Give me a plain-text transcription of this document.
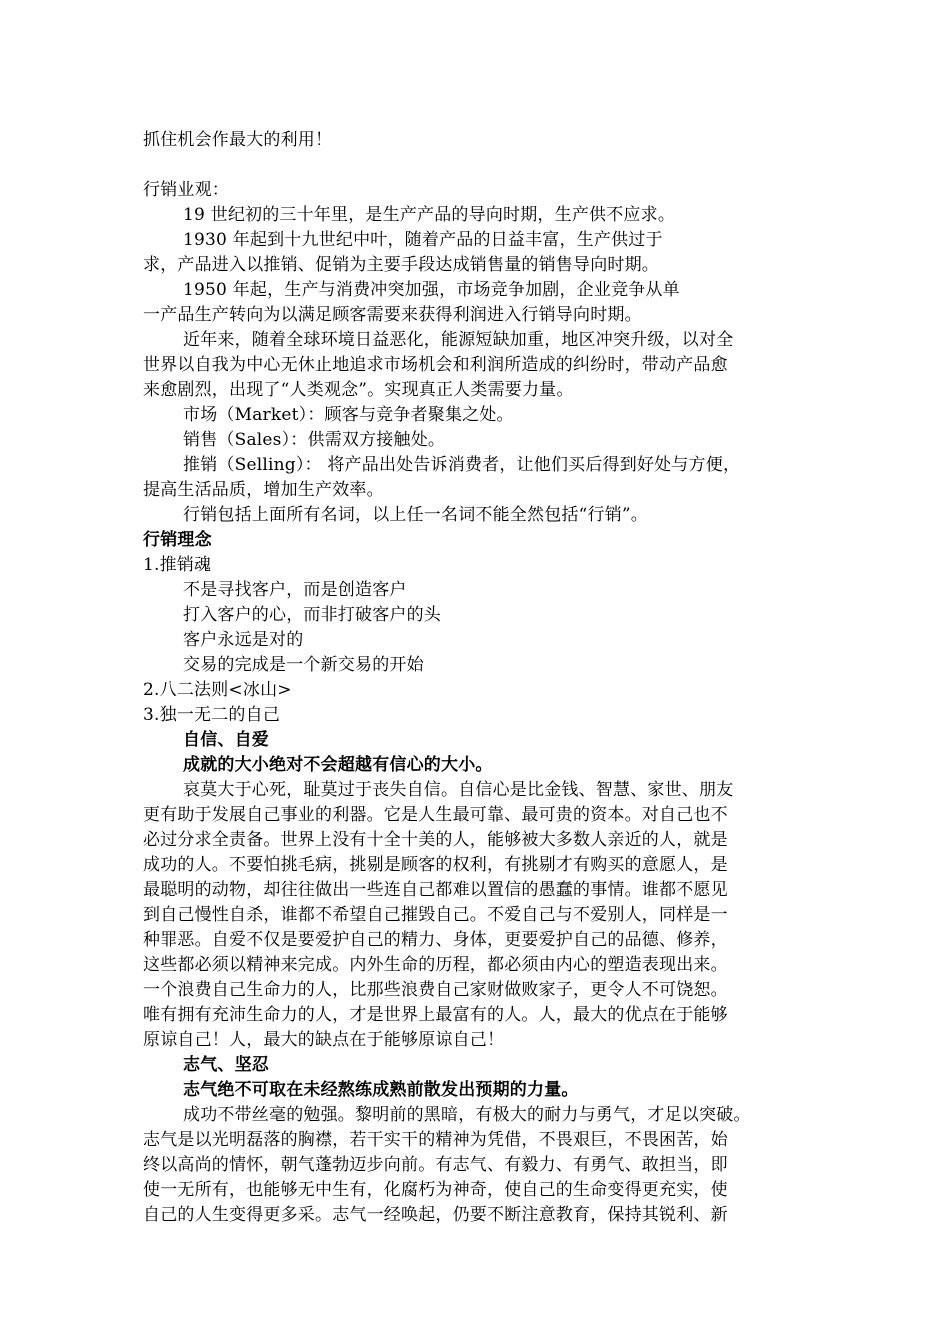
抓住机会作最大的利用！
行销业观：
19 世纪初的三十年里，是生产产品的导向时期，生产供不应求。
1930 年起到十九世纪中叶，随着产品的日益丰富，生产供过于
求，产品进入以推销、促销为主要手段达成销售量的销售导向时期。
1950 年起，生产与消费冲突加强，市场竞争加剧，企业竞争从单
一产品生产转向为以满足顾客需要来获得利润进入行销导向时期。
近年来，随着全球环境日益恶化，能源短缺加重，地区冲突升级，以对全
世界以自我为中心无休止地追求市场机会和利润所造成的纠纷时，带动产品愈
来愈剧烈，出现了“人类观念”。实现真正人类需要力量。
市场（Market）：顾客与竞争者聚集之处。
销售（Sales）：供需双方接触处。
推销（Selling）： 将产品出处告诉消费者，让他们买后得到好处与方便，
提高生活品质，增加生产效率。
行销包括上面所有名词，以上任一名词不能全然包括“行销”。
行销理念
1.推销魂
不是寻找客户，而是创造客户
打入客户的心，而非打破客户的头
客户永远是对的
交易的完成是一个新交易的开始
2.八二法则<冰山>
3.独一无二的自己
自信、自爱
成就的大小绝对不会超越有信心的大小。
哀莫大于心死，耻莫过于丧失自信。自信心是比金钱、智慧、家世、朋友
更有助于发展自己事业的利器。它是人生最可靠、最可贵的资本。对自己也不
必过分求全责备。世界上没有十全十美的人，能够被大多数人亲近的人，就是
成功的人。不要怕挑毛病，挑剔是顾客的权利，有挑剔才有购买的意愿人，是
最聪明的动物，却往往做出一些连自己都难以置信的愚蠢的事情。谁都不愿见
到自己慢性自杀，谁都不希望自己摧毁自己。不爱自己与不爱别人，同样是一
种罪恶。自爱不仅是要爱护自己的精力、身体，更要爱护自己的品德、修养，
这些都必须以精神来完成。内外生命的历程，都必须由内心的塑造表现出来。
一个浪费自己生命力的人，比那些浪费自己家财做败家子，更令人不可饶恕。
唯有拥有充沛生命力的人，才是世界上最富有的人。人，最大的优点在于能够
原谅自己！人，最大的缺点在于能够原谅自己！
志气、坚忍
志气绝不可取在未经熬练成熟前散发出预期的力量。
成功不带丝毫的勉强。黎明前的黑暗，有极大的耐力与勇气，才足以突破。
志气是以光明磊落的胸襟，若干实干的精神为凭借，不畏艰巨，不畏困苦，始
终以高尚的情怀，朝气蓬勃迈步向前。有志气、有毅力、有勇气、敢担当，即
使一无所有，也能够无中生有，化腐朽为神奇，使自己的生命变得更充实，使
自己的人生变得更多采。志气一经唤起，仍要不断注意教育，保持其锐利、新
